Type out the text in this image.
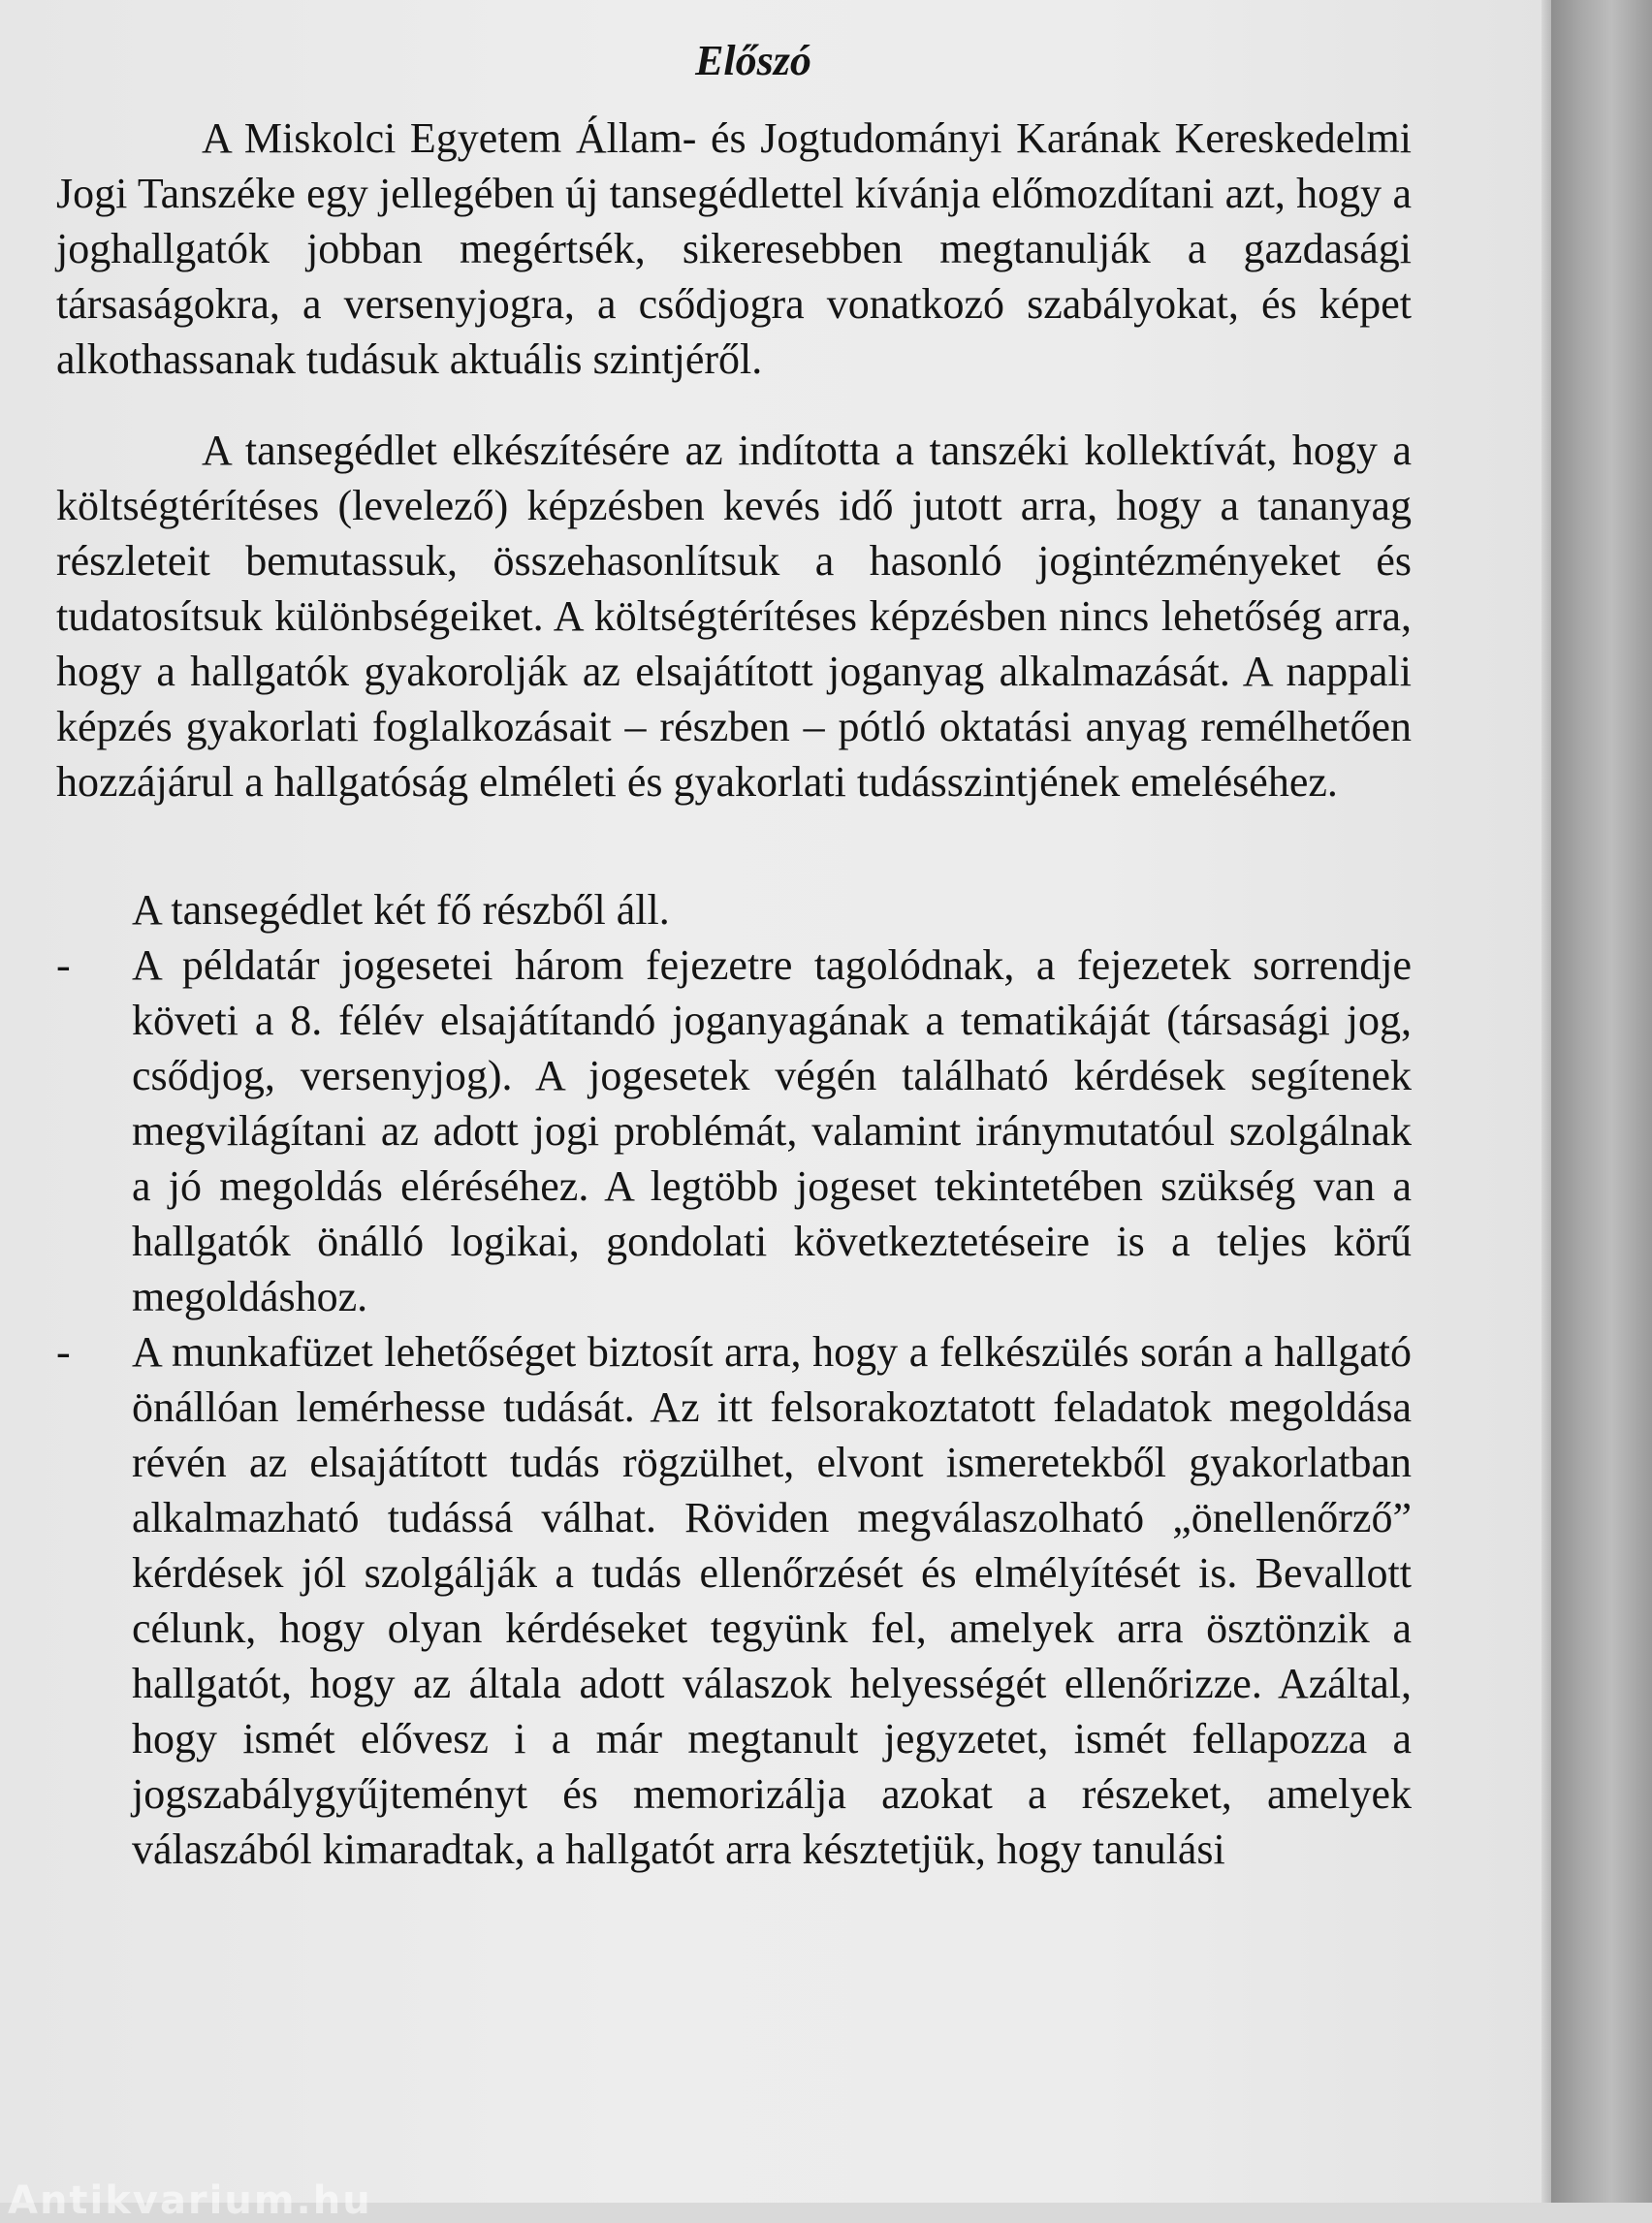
Előszó

A Miskolci Egyetem Állam- és Jogtudományi Karának Kereskedelmi Jogi Tanszéke egy jellegében új tansegédlettel kívánja előmozdítani azt, hogy a joghallgatók jobban megértsék, sikeresebben megtanulják a gazdasági társaságokra, a versenyjogra, a csődjogra vonatkozó szabályokat, és képet alkothassanak tudásuk aktuális szintjéről.

A tansegédlet elkészítésére az indította a tanszéki kollektívát, hogy a költségtérítéses (levelező) képzésben kevés idő jutott arra, hogy a tananyag részleteit bemutassuk, összehasonlítsuk a hasonló jogintézményeket és tudatosítsuk különbségeiket. A költségtérítéses képzésben nincs lehetőség arra, hogy a hallgatók gyakorolják az elsajátított joganyag alkalmazását. A nappali képzés gyakorlati foglalkozásait – részben – pótló oktatási anyag remélhetően hozzájárul a hallgatóság elméleti és gyakorlati tudásszintjének emeléséhez.

A tansegédlet két fő részből áll.

-	A példatár jogesetei három fejezetre tagolódnak, a fejezetek sorrendje követi a 8. félév elsajátítandó joganyagának a tematikáját (társasági jog, csődjog, versenyjog). A jogesetek végén található kérdések segítenek megvilágítani az adott jogi problémát, valamint iránymutatóul szolgálnak a jó megoldás eléréséhez. A legtöbb jogeset tekintetében szükség van a hallgatók önálló logikai, gondolati következtetéseire is a teljes körű megoldáshoz.
-	A munkafüzet lehetőséget biztosít arra, hogy a felkészülés során a hallgató önállóan lemérhesse tudását. Az itt felsorakoztatott feladatok megoldása révén az elsajátított tudás rögzülhet, elvont ismeretekből gyakorlatban alkalmazható tudássá válhat. Röviden megválaszolható „önellenőrző” kérdések jól szolgálják a tudás ellenőrzését és elmélyítését is. Bevallott célunk, hogy olyan kérdéseket tegyünk fel, amelyek arra ösztönzik a hallgatót, hogy az általa adott válaszok helyességét ellenőrizze. Azáltal, hogy ismét elővesz i a már megtanult jegyzetet, ismét fellapozza a jogszabálygyűjteményt és memorizálja azokat a részeket, amelyek válaszából kimaradtak, a hallgatót arra késztetjük, hogy tanulási
Antikvarium.hu
